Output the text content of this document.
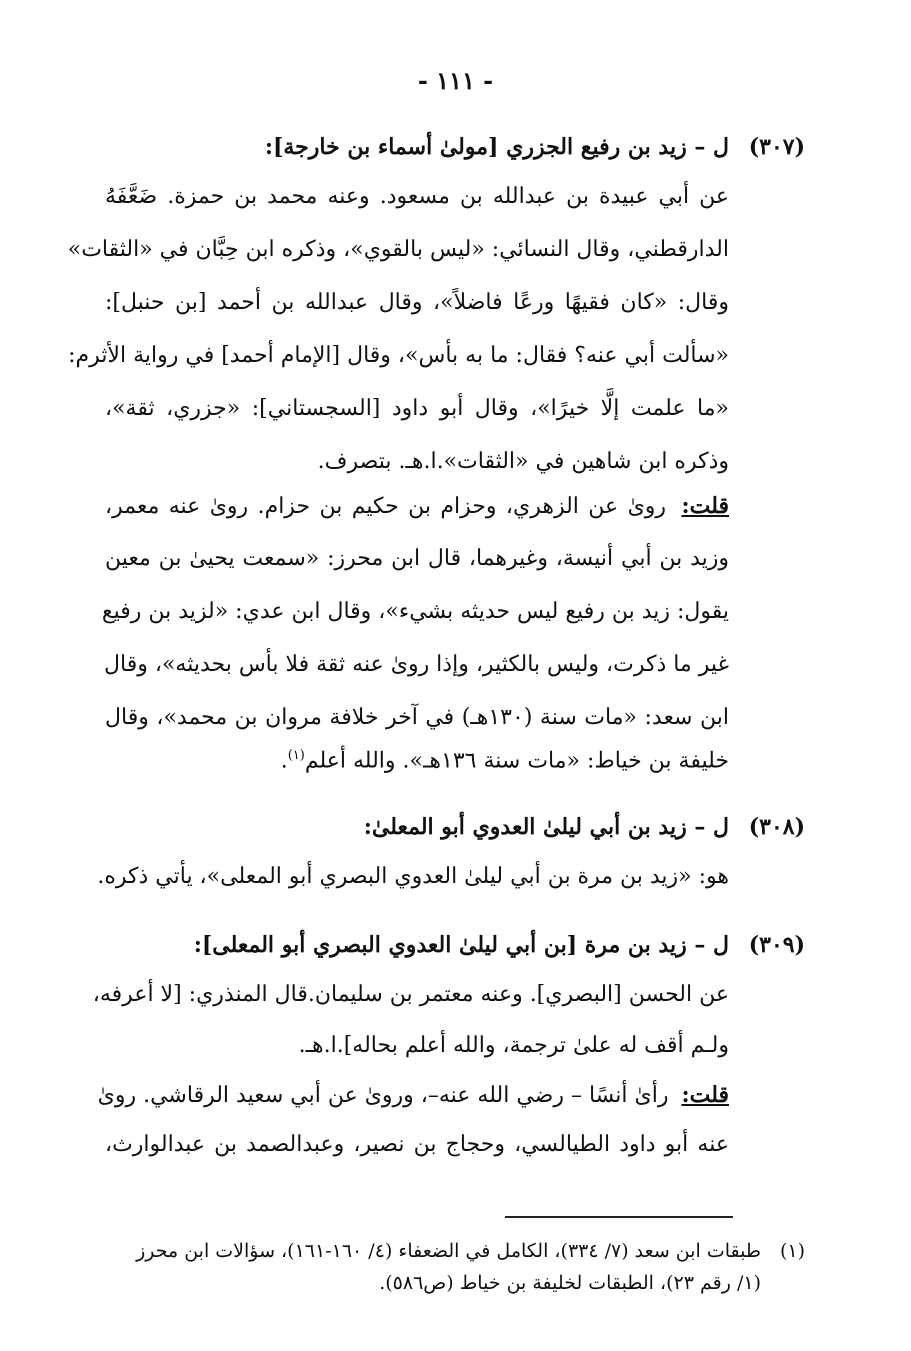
- ١١١ -
(٣٠٧) ل – زيد بن رفيع الجزري [مولىٰ أسماء بن خارجة]:
عن أبي عبيدة بن عبدالله بن مسعود. وعنه محمد بن حمزة. ضَعَّفَهُ
الدارقطني، وقال النسائي: «ليس بالقوي»، وذكره ابن حِبَّان في «الثقات»
وقال: «كان فقيهًا ورعًا فاضلاً»، وقال عبدالله بن أحمد [بن حنبل]:
«سألت أبي عنه؟ فقال: ما به بأس»، وقال [الإمام أحمد] في رواية الأثرم:
«ما علمت إلَّا خيرًا»، وقال أبو داود [السجستاني]: «جزري، ثقة»،
وذكره ابن شاهين في «الثقات».ا.هـ. بتصرف.
قلت: روىٰ عن الزهري، وحزام بن حكيم بن حزام. روىٰ عنه معمر،
وزيد بن أبي أنيسة، وغيرهما، قال ابن محرز: «سمعت يحيىٰ بن معين
يقول: زيد بن رفيع ليس حديثه بشيء»، وقال ابن عدي: «لزيد بن رفيع
غير ما ذكرت، وليس بالكثير، وإذا روىٰ عنه ثقة فلا بأس بحديثه»، وقال
ابن سعد: «مات سنة (١٣٠هـ) في آخر خلافة مروان بن محمد»، وقال
خليفة بن خياط: «مات سنة ١٣٦هـ». والله أعلم$^{(١)}$.
(٣٠٨) ل – زيد بن أبي ليلىٰ العدوي أبو المعلىٰ:
هو: «زيد بن مرة بن أبي ليلىٰ العدوي البصري أبو المعلى»، يأتي ذكره.
(٣٠٩) ل – زيد بن مرة [بن أبي ليلىٰ العدوي البصري أبو المعلى]:
عن الحسن [البصري]. وعنه معتمر بن سليمان.قال المنذري: [لا أعرفه،
ولـم أقف له علىٰ ترجمة، والله أعلم بحاله].ا.هـ.
قلت: رأىٰ أنسًا – رضي الله عنه–، وروىٰ عن أبي سعيد الرقاشي. روىٰ
عنه أبو داود الطيالسي، وحجاج بن نصير، وعبدالصمد بن عبدالوارث،
(١)طبقات ابن سعد (٧/ ٣٣٤)، الكامل في الضعفاء (٤/ ١٦٠-١٦١)، سؤالات ابن محرز
(١/ رقم ٢٣)، الطبقات لخليفة بن خياط (ص٥٨٦).
